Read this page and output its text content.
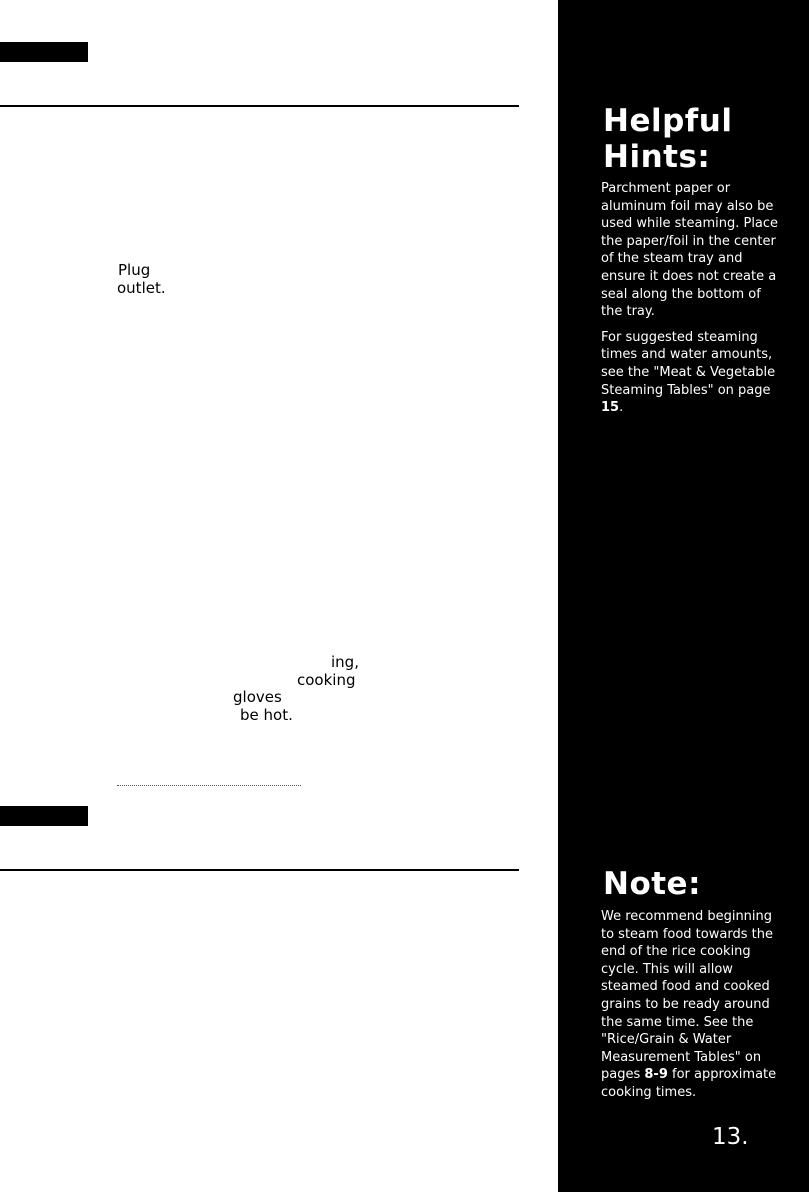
Plug
outlet.
ing,
cooking
gloves
be hot.
Helpful
Hints:

Parchment paper or aluminum foil may also be used while steaming. Place the paper/foil in the center of the steam tray and ensure it does not create a seal along the bottom of the tray.

For suggested steaming times and water amounts, see the "Meat & Vegetable Steaming Tables" on page 15.

Note:

We recommend beginning to steam food towards the end of the rice cooking cycle. This will allow steamed food and cooked grains to be ready around the same time. See the "Rice/Grain & Water Measurement Tables" on pages 8-9 for approximate cooking times.

13.
